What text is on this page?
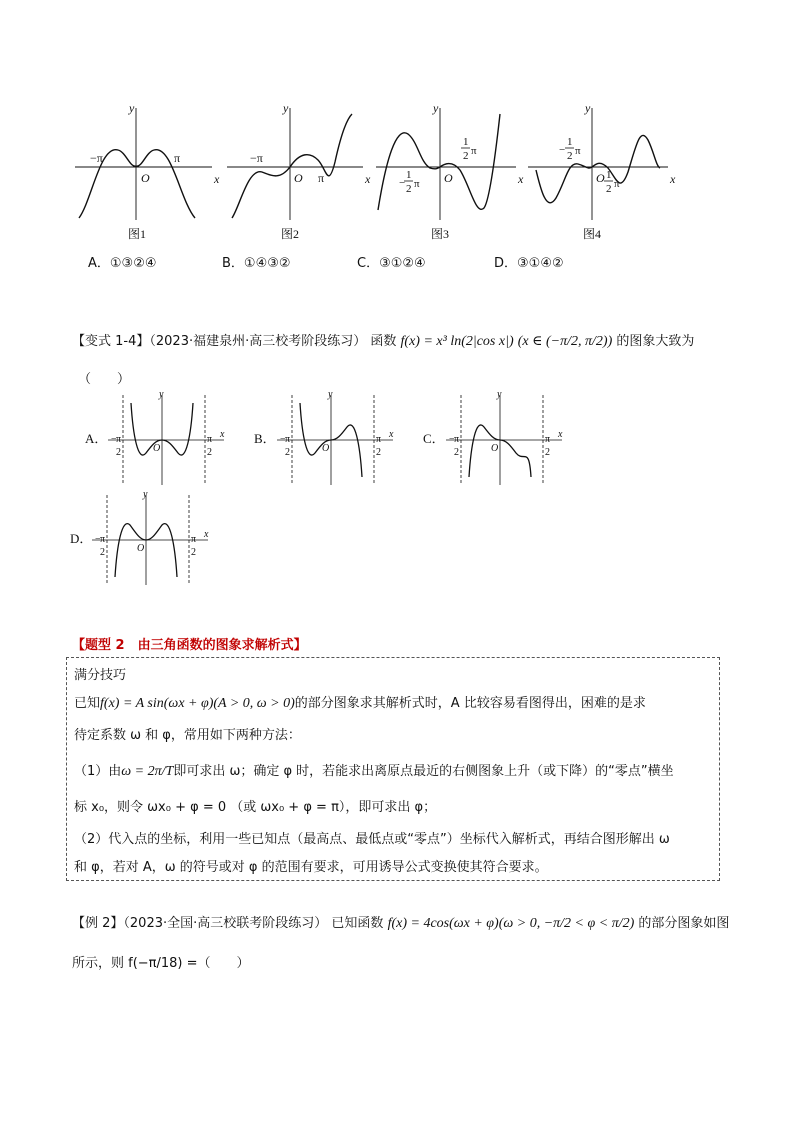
x
y
O
−π	π
x
y
O
−π
π	x
y
O
1
2 π
1
− 2 π	x
y
O
1
− 2 π
1
2 π
图1	图2	图3	图4
A．①③②④	B．①④③②	C．③①②④	D．③①④②
【变式 1-4】（2023·福建泉州·高三校考阶段练习） 函数 f(x) = x³ ln(2|cos x|) (x ∈ (−π/2, π/2)) 的图象大致为
（　　）
A．
y
x
O
− π
2
π
2
B．
y
x
O
− π
2
π
2
C．
y
x
O
− π
2
π
2
D．
y
x
O
− π
2
π
2
【题型 2　由三角函数的图象求解析式】
满分技巧
已知f(x) = A sin(ωx + φ)(A > 0, ω > 0)的部分图象求其解析式时，A 比较容易看图得出，困难的是求
待定系数 ω 和 φ，常用如下两种方法：
（1）由ω = 2π/T即可求出 ω；确定 φ 时，若能求出离原点最近的右侧图象上升（或下降）的“零点”横坐
标 x₀，则令 ωx₀ + φ = 0 （或 ωx₀ + φ = π），即可求出 φ；
（2）代入点的坐标，利用一些已知点（最高点、最低点或“零点”）坐标代入解析式，再结合图形解出 ω
和 φ，若对 A，ω 的符号或对 φ 的范围有要求，可用诱导公式变换使其符合要求。
【例 2】（2023·全国·高三校联考阶段练习） 已知函数 f(x) = 4cos(ωx + φ)(ω > 0, −π/2 < φ < π/2) 的部分图象如图
所示，则 f(−π/18) =（　　）
